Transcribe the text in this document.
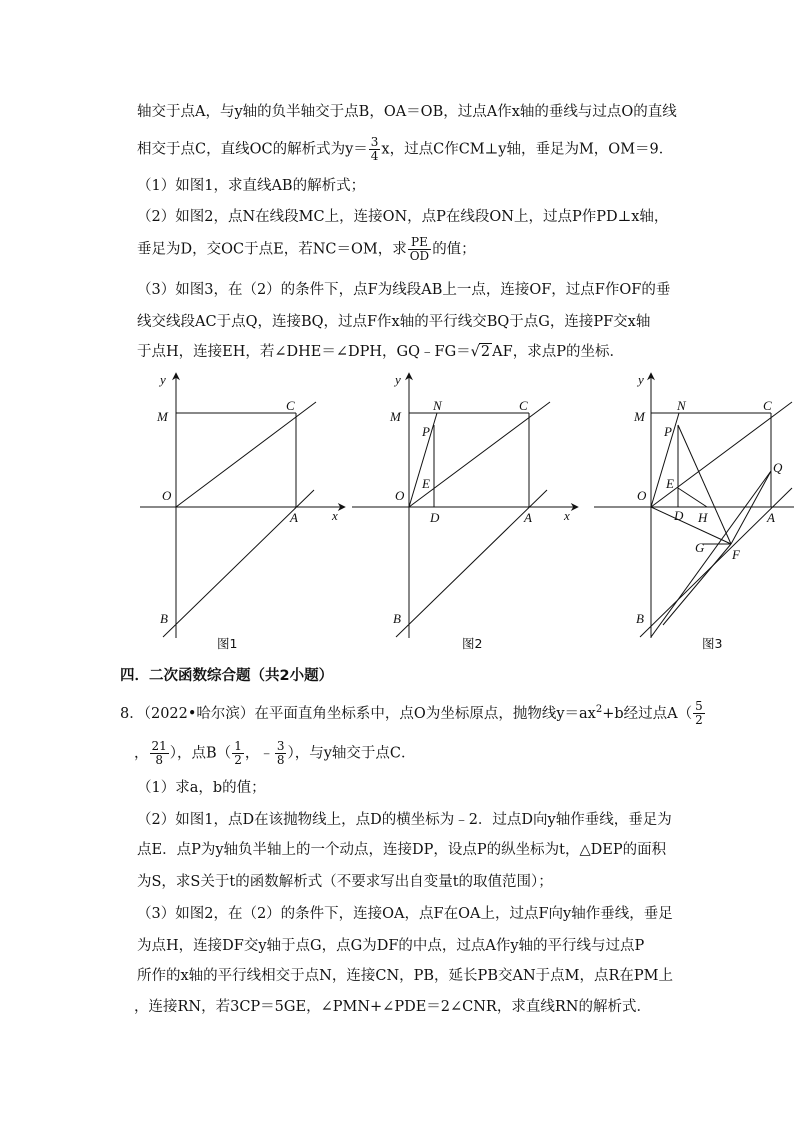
轴交于点A，与y轴的负半轴交于点B，OA＝OB，过点A作x轴的垂线与过点O的直线
相交于点C，直线OC的解析式为$y= \frac{3}{4}$ x，过点C作CM⊥y轴，垂足为M，OM＝9．
（1）如图1，求直线AB的解析式；
（2）如图2，点N在线段MC上，连接ON，点P在线段ON上，过点P作PD⊥x轴，
垂足为D，交OC于点E，若NC＝OM，求 $\frac{PE}{OD}$ 的值；
（3）如图3，在（2）的条件下，点F为线段AB上一点，连接OF，过点F作OF的垂
线交线段AC于点Q，连接BQ，过点F作x轴的平行线交BQ于点G，连接PF交x轴
于点H，连接EH，若∠DHE＝∠DPH，GQ﹣FG＝√2 AF，求点P的坐标．
y
x
M
C
O
A
B
图1
y
x
M
N	C
P
E
O
D	A
B
图2
y
M
N	C
P
Q
E
O
D H	A
G F
B
图3
四．二次函数综合题（共2小题）
8．（2022•哈尔滨）在平面直角坐标系中，点O为坐标原点，抛物线$y=ax^2+b$经过点$A( \frac{5}{2}$
， $\frac{21}{8}$ ），点$B( \frac{1}{2}$ ，﹣ $\frac{3}{8}$ ），与y轴交于点C．
（1）求a，b的值；
（2）如图1，点D在该抛物线上，点D的横坐标为﹣2．过点D向y轴作垂线，垂足为
点E．点P为y轴负半轴上的一个动点，连接DP，设点P的纵坐标为t，△DEP的面积
为S，求S关于t的函数解析式（不要求写出自变量t的取值范围）；
（3）如图2，在（2）的条件下，连接OA，点F在OA上，过点F向y轴作垂线，垂足
为点H，连接DF交y轴于点G，点G为DF的中点，过点A作y轴的平行线与过点P
所作的x轴的平行线相交于点N，连接CN，PB，延长PB交AN于点M，点R在PM上
，连接RN，若3CP＝5GE，∠PMN+∠PDE＝2∠CNR，求直线RN的解析式．
